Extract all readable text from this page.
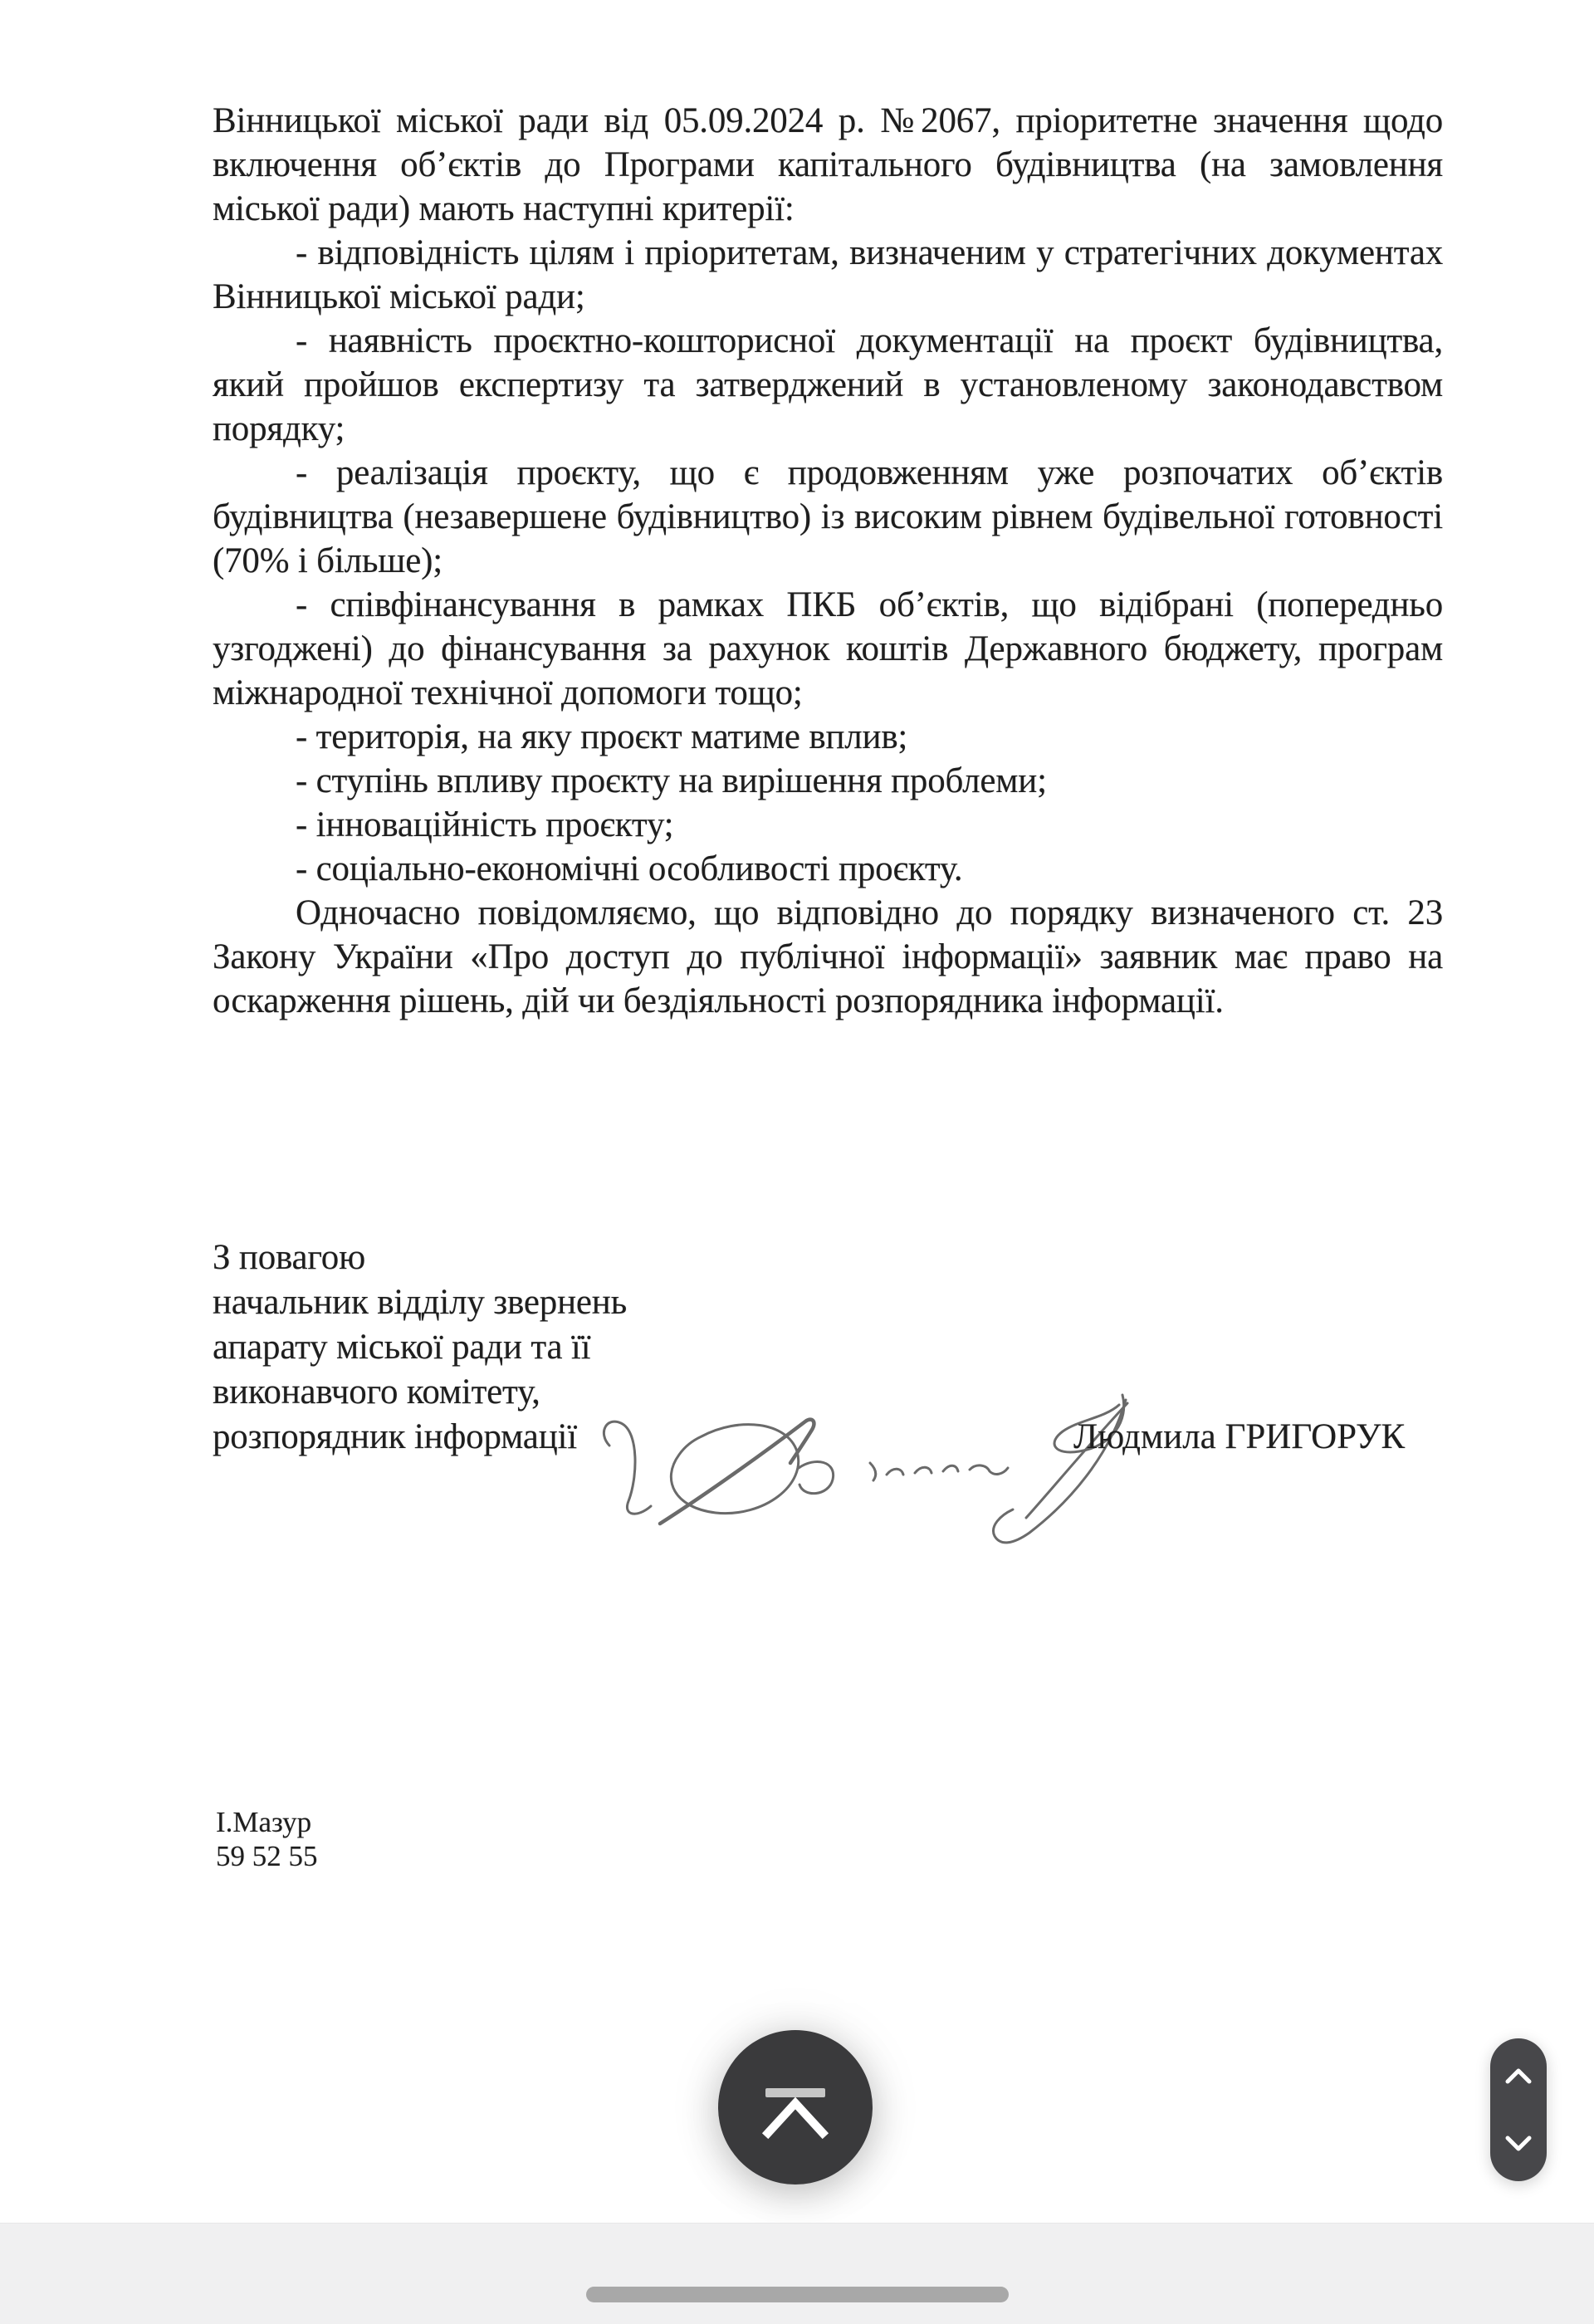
Вінницької міської ради від 05.09.2024 р. №2067, пріоритетне значення щодо включення об’єктів до Програми капітального будівництва (на замовлення міської ради) мають наступні критерії:

- відповідність цілям і пріоритетам, визначеним у стратегічних документах Вінницької міської ради;

- наявність проєктно-кошторисної документації на проєкт будівництва, який пройшов експертизу та затверджений в установленому законодавством порядку;

- реалізація проєкту, що є продовженням уже розпочатих об’єктів будівництва (незавершене будівництво) із високим рівнем будівельної готовності (70% і більше);

- співфінансування в рамках ПКБ об’єктів, що відібрані (попередньо узгоджені) до фінансування за рахунок коштів Державного бюджету, програм міжнародної технічної допомоги тощо;

- територія, на яку проєкт матиме вплив;

- ступінь впливу проєкту на вирішення проблеми;

- інноваційність проєкту;

- соціально-економічні особливості проєкту.

Одночасно повідомляємо, що відповідно до порядку визначеного ст. 23 Закону України «Про доступ до публічної інформації» заявник має право на оскарження рішень, дій чи бездіяльності розпорядника інформації.

З повагою
начальник відділу звернень
апарату міської ради та її
виконавчого комітету,
розпорядник інформації	Людмила ГРИГОРУК
І.Мазур
59 52 55
